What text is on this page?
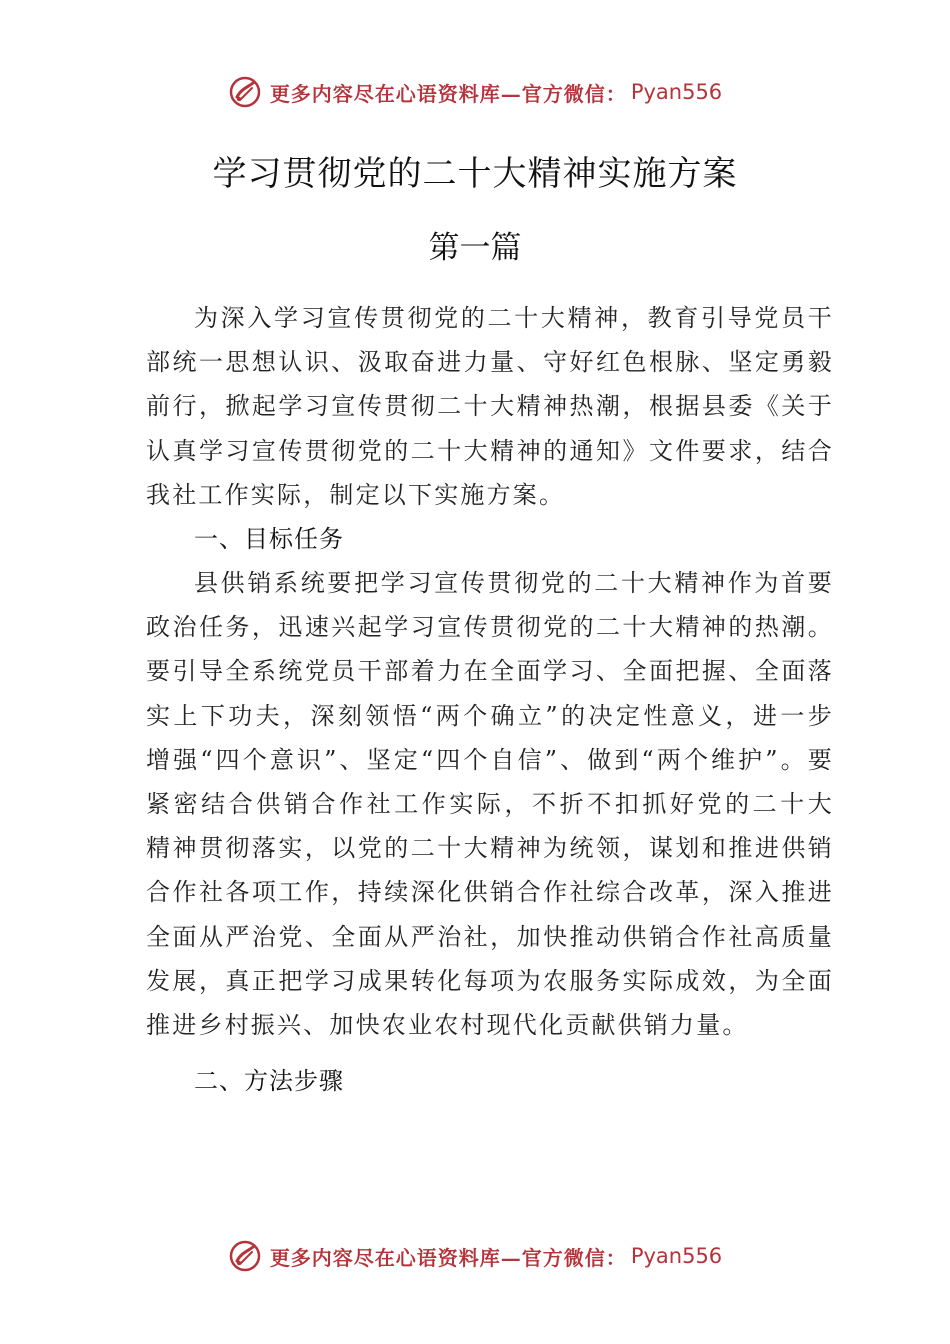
更多内容尽在心语资料库—官方微信： Pyan556
学习贯彻党的二十大精神实施方案
第一篇

为深入学习宣传贯彻党的二十大精神，教育引导党员干部统一思想认识、汲取奋进力量、守好红色根脉、坚定勇毅前行，掀起学习宣传贯彻二十大精神热潮，根据县委《关于认真学习宣传贯彻党的二十大精神的通知》文件要求，结合我社工作实际，制定以下实施方案。

一、目标任务

县供销系统要把学习宣传贯彻党的二十大精神作为首要政治任务，迅速兴起学习宣传贯彻党的二十大精神的热潮。要引导全系统党员干部着力在全面学习、全面把握、全面落 实上下功夫，深刻领悟“两个确立”的决定性意义，进一步 增强“四个意识”、坚定“四个自信”、做到“两个维护”。要紧密结合供销合作社工作实际，不折不扣抓好党的二十大 精神贯彻落实，以党的二十大精神为统领，谋划和推进供销 合作社各项工作，持续深化供销合作社综合改革，深入推进 全面从严治党、全面从严治社，加快推动供销合作社高质量发展，真正把学习成果转化每项为农服务实际成效，为全面 推进乡村振兴、加快农业农村现代化贡献供销力量。

二、方法步骤
更多内容尽在心语资料库—官方微信： Pyan556
